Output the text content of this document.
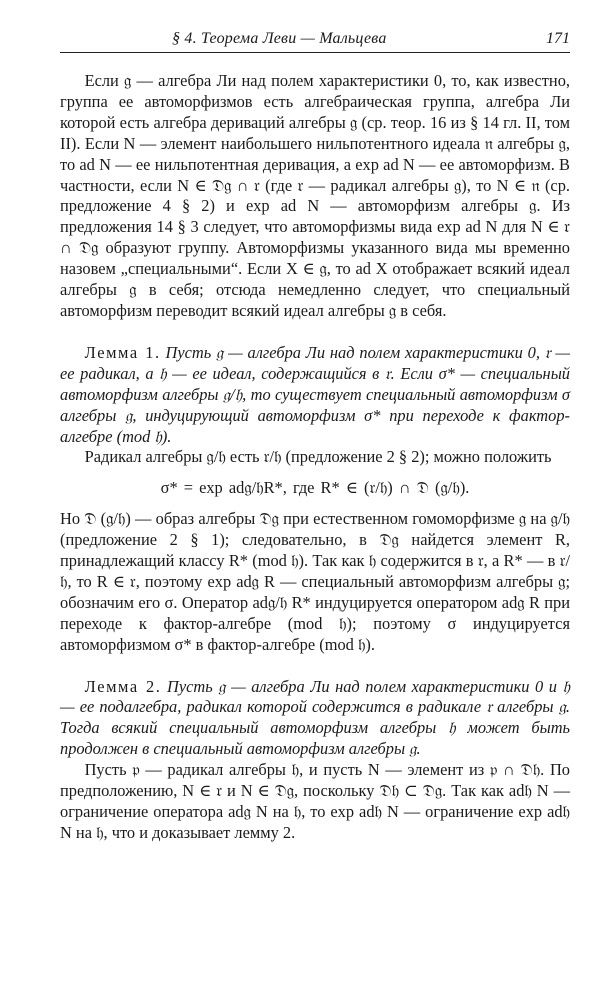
§ 4. Теорема Леви — Мальцева	171

Если 𝔤 — алгебра Ли над полем характеристики 0, то, как известно, группа ее автоморфизмов есть алгебраическая группа, алгебра Ли которой есть алгебра дериваций алгебры 𝔤 (ср. теор. 16 из § 14 гл. II, том II). Если N — элемент наибольшего нильпотентного идеала 𝔫 алгебры 𝔤, то ad N — ее нильпотентная деривация, а exp ad N — ее автоморфизм. В частности, если N ∈ 𝔇𝔤 ∩ 𝔯 (где 𝔯 — радикал алгебры 𝔤), то N ∈ 𝔫 (ср. предложение 4 § 2) и exp ad N — автоморфизм алгебры 𝔤. Из предложения 14 § 3 следует, что автоморфизмы вида exp ad N для N ∈ 𝔯 ∩ 𝔇𝔤 образуют группу. Автоморфизмы указанного вида мы временно назовем „специальными“. Если X ∈ 𝔤, то ad X отображает всякий идеал алгебры 𝔤 в себя; отсюда немедленно следует, что специальный автоморфизм переводит всякий идеал алгебры 𝔤 в себя.

Лемма 1. Пусть 𝔤 — алгебра Ли над полем характеристики 0, 𝔯 — ее радикал, а 𝔥 — ее идеал, содержащийся в 𝔯. Если σ* — специальный автоморфизм алгебры 𝔤/𝔥, то существует специальный автоморфизм σ алгебры 𝔤, индуцирующий автоморфизм σ* при переходе к фактор-алгебре (mod 𝔥).

Радикал алгебры 𝔤/𝔥 есть 𝔯/𝔥 (предложение 2 § 2); можно положить

σ* = exp ad𝔤/𝔥R*, где R* ∈ (𝔯/𝔥) ∩ 𝔇 (𝔤/𝔥).

Но 𝔇 (𝔤/𝔥) — образ алгебры 𝔇𝔤 при естественном гомоморфизме 𝔤 на 𝔤/𝔥 (предложение 2 § 1); следовательно, в 𝔇𝔤 найдется элемент R, принадлежащий классу R* (mod 𝔥). Так как 𝔥 содержится в 𝔯, а R* — в 𝔯/𝔥, то R ∈ 𝔯, поэтому exp ad𝔤 R — специальный автоморфизм алгебры 𝔤; обозначим его σ. Оператор ad𝔤/𝔥 R* индуцируется оператором ad𝔤 R при переходе к фактор-алгебре (mod 𝔥); поэтому σ индуцируется автоморфизмом σ* в фактор-алгебре (mod 𝔥).

Лемма 2. Пусть 𝔤 — алгебра Ли над полем характеристики 0 и 𝔥 — ее подалгебра, радикал которой содержится в радикале 𝔯 алгебры 𝔤. Тогда всякий специальный автоморфизм алгебры 𝔥 может быть продолжен в специальный автоморфизм алгебры 𝔤.

Пусть 𝔭 — радикал алгебры 𝔥, и пусть N — элемент из 𝔭 ∩ 𝔇𝔥. По предположению, N ∈ 𝔯 и N ∈ 𝔇𝔤, поскольку 𝔇𝔥 ⊂ 𝔇𝔤. Так как ad𝔥 N — ограничение оператора ad𝔤 N на 𝔥, то exp ad𝔥 N — ограничение exp ad𝔥 N на 𝔥, что и доказывает лемму 2.
